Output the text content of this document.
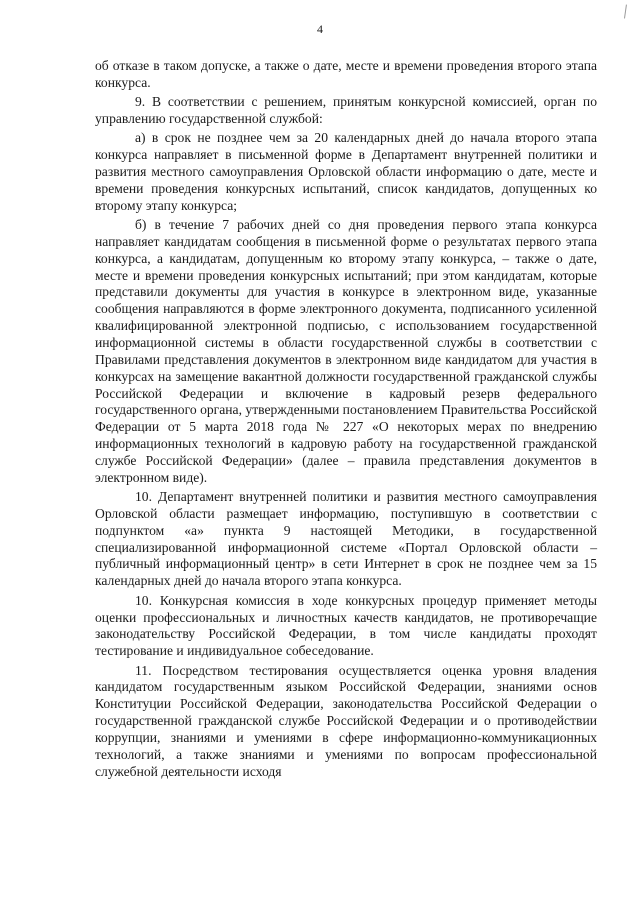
4

об отказе в таком допуске, а также о дате, месте и времени проведения второго этапа конкурса.

9. В соответствии с решением, принятым конкурсной комиссией, орган по управлению государственной службой:

а) в срок не позднее чем за 20 календарных дней до начала второго этапа конкурса направляет в письменной форме в Департамент внутренней политики и развития местного самоуправления Орловской области информацию о дате, месте и времени проведения конкурсных испытаний, список кандидатов, допущенных ко второму этапу конкурса;

б) в течение 7 рабочих дней со дня проведения первого этапа конкурса направляет кандидатам сообщения в письменной форме о результатах первого этапа конкурса, а кандидатам, допущенным ко второму этапу конкурса, – также о дате, месте и времени проведения конкурсных испытаний; при этом кандидатам, которые представили документы для участия в конкурсе в электронном виде, указанные сообщения направляются в форме электронного документа, подписанного усиленной квалифицированной электронной подписью, с использованием государственной информационной системы в области государственной службы в соответствии с Правилами представления документов в электронном виде кандидатом для участия в конкурсах на замещение вакантной должности государственной гражданской службы Российской Федерации и включение в кадровый резерв федерального государственного органа, утвержденными постановлением Правительства Российской Федерации от 5 марта 2018 года № 227 «О некоторых мерах по внедрению информационных технологий в кадровую работу на государственной гражданской службе Российской Федерации» (далее – правила представления документов в электронном виде).

10. Департамент внутренней политики и развития местного самоуправления Орловской области размещает информацию, поступившую в соответствии с подпунктом «а» пункта 9 настоящей Методики, в государственной специализированной информационной системе «Портал Орловской области – публичный информационный центр» в сети Интернет в срок не позднее чем за 15 календарных дней до начала второго этапа конкурса.

10. Конкурсная комиссия в ходе конкурсных процедур применяет методы оценки профессиональных и личностных качеств кандидатов, не противоречащие законодательству Российской Федерации, в том числе кандидаты проходят тестирование и индивидуальное собеседование.

11. Посредством тестирования осуществляется оценка уровня владения кандидатом государственным языком Российской Федерации, знаниями основ Конституции Российской Федерации, законодательства Российской Федерации о государственной гражданской службе Российской Федерации и о противодействии коррупции, знаниями и умениями в сфере информационно-коммуникационных технологий, а также знаниями и умениями по вопросам профессиональной служебной деятельности исходя
